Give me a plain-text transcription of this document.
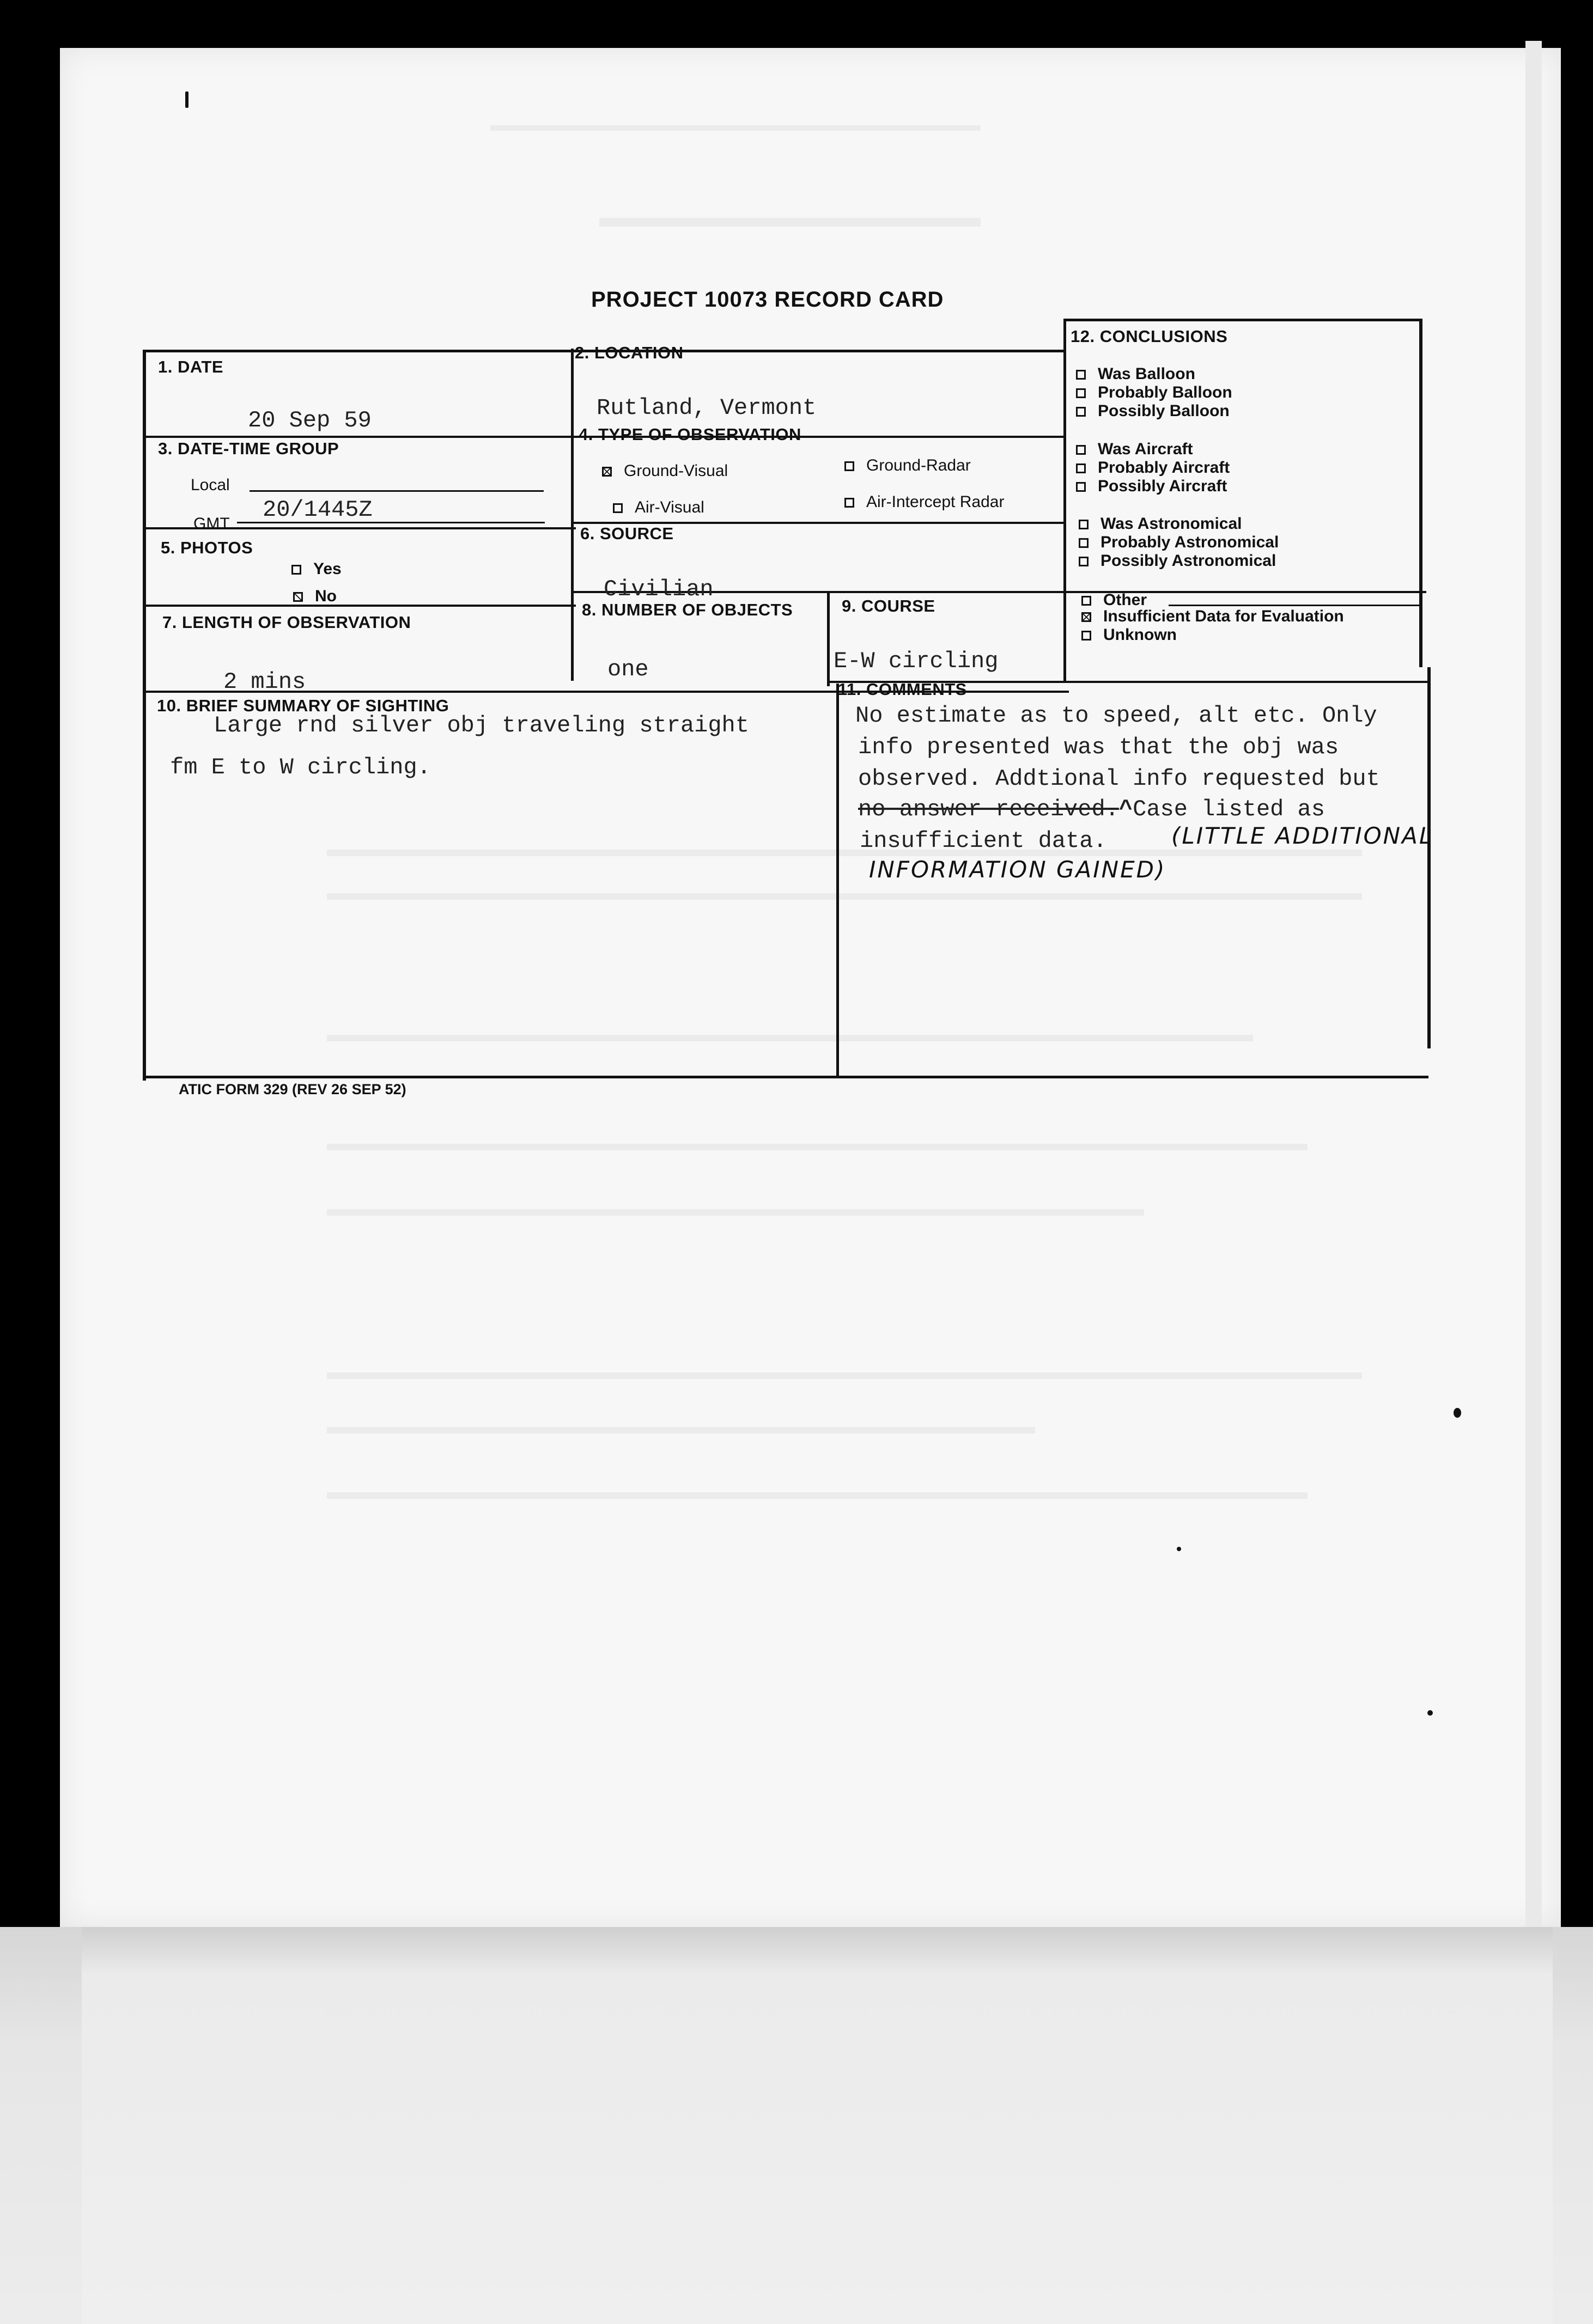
PROJECT 10073 RECORD CARD
1. DATE
20 Sep 59
2. LOCATION
Rutland, Vermont
3. DATE-TIME GROUP
Local
GMT
20/1445Z
4. TYPE OF OBSERVATION
Ground-Visual	Ground-Radar
Air-Visual	Air-Intercept Radar
5. PHOTOS
Yes
No
6. SOURCE
Civilian
7. LENGTH OF OBSERVATION
2 mins
8. NUMBER OF OBJECTS
one
9. COURSE
E-W circling
10. BRIEF SUMMARY OF SIGHTING
Large rnd silver obj traveling straight
fm E to W circling.
11. COMMENTS
No estimate as to speed, alt etc. Only
info presented was that the obj was
observed. Addtional info requested but
no answer received.^Case listed as
insufficient data.	(LITTLE ADDITIONAL
INFORMATION GAINED)
12. CONCLUSIONS
Was Balloon
Probably Balloon
Possibly Balloon
Was Aircraft
Probably Aircraft
Possibly Aircraft
Was Astronomical
Probably Astronomical
Possibly Astronomical
Other
Insufficient Data for Evaluation
Unknown
ATIC FORM 329 (REV 26 SEP 52)
